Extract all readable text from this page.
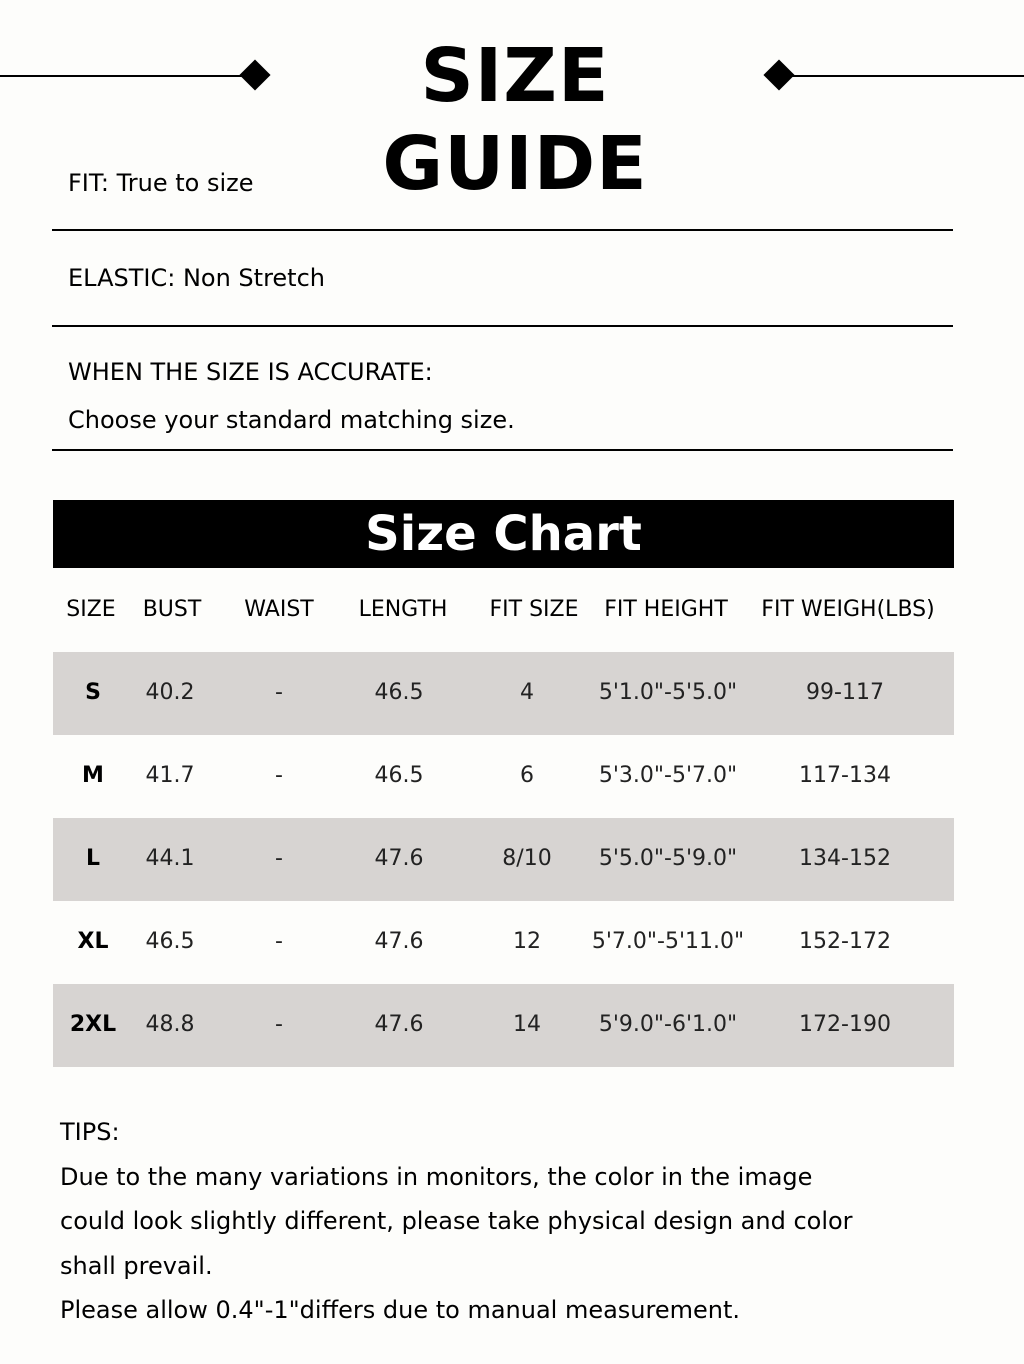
SIZE GUIDE
FIT: True to size
ELASTIC: Non Stretch
WHEN THE SIZE IS ACCURATE:
Choose your standard matching size.
Size Chart
SIZE	BUST	WAIST	LENGTH	FIT SIZE	FIT HEIGHT	FIT WEIGH(LBS)
S	40.2	-	46.5	4	5'1.0"-5'5.0"	99-117
M	41.7	-	46.5	6	5'3.0"-5'7.0"	117-134
L	44.1	-	47.6	8/10	5'5.0"-5'9.0"	134-152
XL	46.5	-	47.6	12	5'7.0"-5'11.0"	152-172
2XL	48.8	-	47.6	14	5'9.0"-6'1.0"	172-190
TIPS:
Due to the many variations in monitors, the color in the image
could look slightly different, please take physical design and color
shall prevail.
Please allow 0.4"-1"differs due to manual measurement.
